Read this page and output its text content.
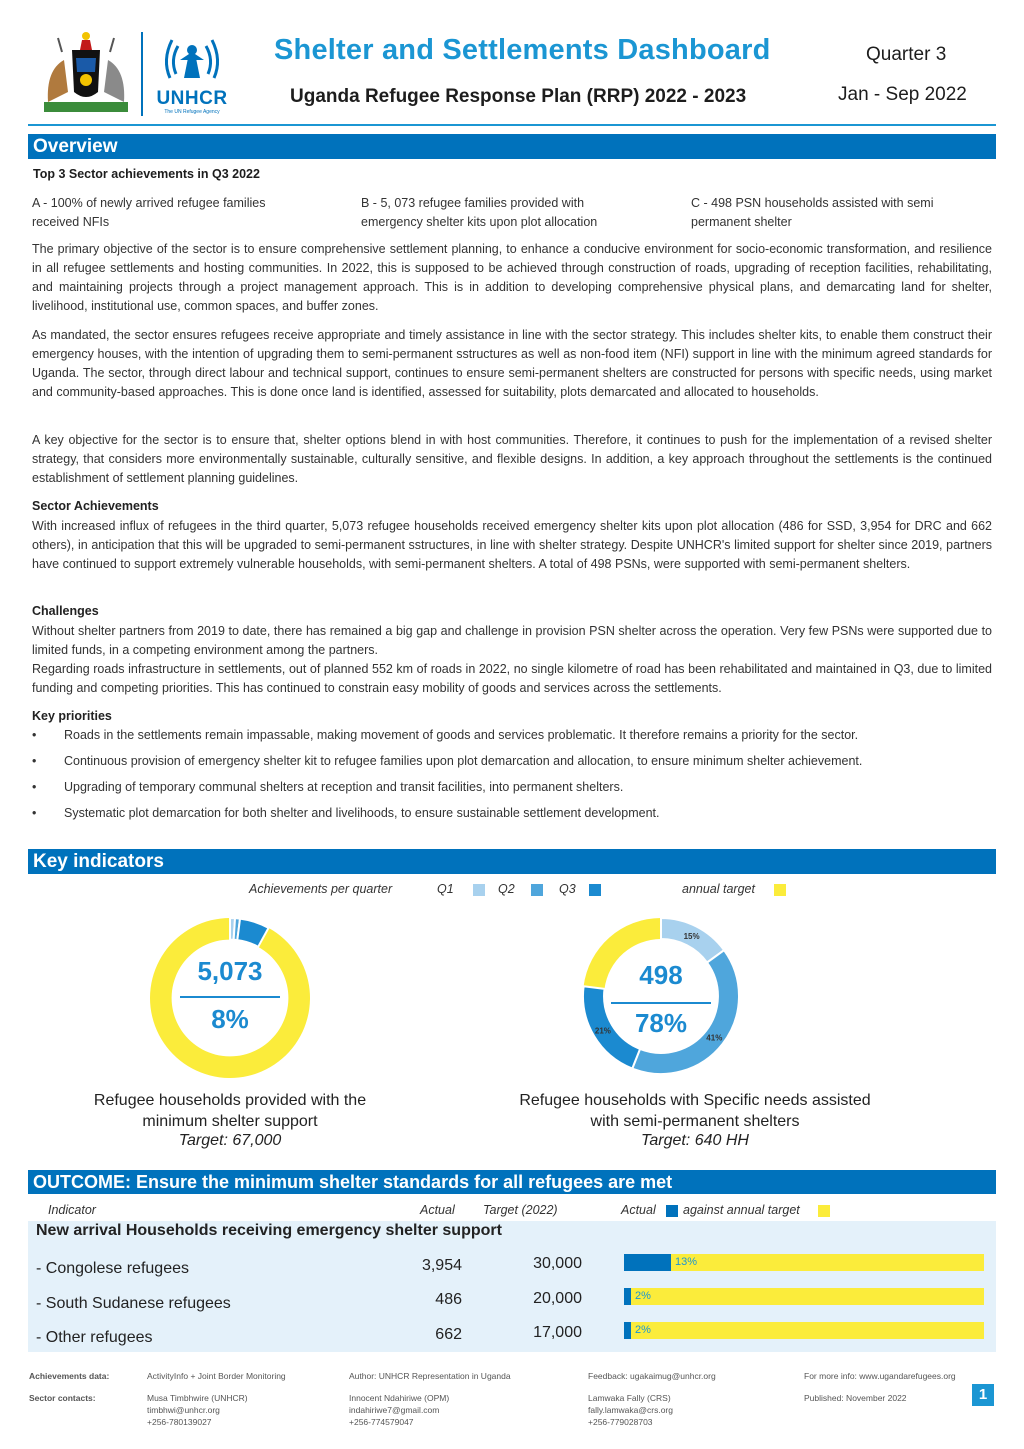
UNHCR
The UN Refugee Agency
Shelter and Settlements Dashboard
Uganda Refugee Response Plan (RRP) 2022 - 2023
Quarter 3
Jan - Sep 2022
Overview
Top 3 Sector achievements in Q3 2022
A - 100% of newly arrived refugee families
received NFIs
B - 5, 073 refugee families provided with
emergency shelter kits upon plot allocation
C - 498 PSN households assisted with semi
permanent shelter
The primary objective of the sector is to ensure comprehensive settlement planning, to enhance a conducive environment for socio-economic transformation, and resilience in all refugee settlements and hosting communities. In 2022, this is supposed to be achieved through construction of roads, upgrading of reception facilities, rehabilitating, and maintaining projects through a project management approach. This is in addition to developing comprehensive physical plans, and demarcating land for shelter, livelihood, institutional use, common spaces, and buffer zones.
As mandated, the sector ensures refugees receive appropriate and timely assistance in line with the sector strategy. This includes shelter kits, to enable them construct their emergency houses, with the intention of upgrading them to semi-permanent sstructures as well as non-food item (NFI) support in line with the minimum agreed standards for Uganda. The sector, through direct labour and technical support, continues to ensure semi-permanent shelters are constructed for persons with specific needs, using market and community-based approaches. This is done once land is identified, assessed for suitability, plots demarcated and allocated to households.
A key objective for the sector is to ensure that, shelter options blend in with host communities. Therefore, it continues to push for the implementation of a revised shelter strategy, that considers more environmentally sustainable, culturally sensitive, and flexible designs. In addition, a key approach throughout the settlements is the continued establishment of settlement planning guidelines.
Sector Achievements
With increased influx of refugees in the third quarter, 5,073 refugee households received emergency shelter kits upon plot allocation (486 for SSD, 3,954 for DRC and 662 others), in anticipation that this will be upgraded to semi-permanent sstructures, in line with shelter strategy. Despite UNHCR's limited support for shelter since 2019, partners have continued to support extremely vulnerable households, with semi-permanent shelters. A total of 498 PSNs, were supported with semi-permanent shelters.
Challenges
Without shelter partners from 2019 to date, there has remained a big gap and challenge in provision PSN shelter across the operation. Very few PSNs were supported due to limited funds, in a competing environment among the partners.
Regarding roads infrastructure in settlements, out of planned 552 km of roads in 2022, no single kilometre of road has been rehabilitated and maintained in Q3, due to limited funding and competing priorities. This has continued to constrain easy mobility of goods and services across the settlements.
Key priorities
• Roads in the settlements remain impassable, making movement of goods and services problematic. It therefore remains a priority for the sector.
• Continuous provision of emergency shelter kit to refugee families upon plot demarcation and allocation, to ensure minimum shelter achievement.
• Upgrading of temporary communal shelters at reception and transit facilities, into permanent shelters.
• Systematic plot demarcation for both shelter and livelihoods, to ensure sustainable settlement development.
Key indicators
Achievements per quarter	Q1	Q2	Q3	annual target
5,073
8%
Refugee households provided with the
minimum shelter support
Target: 67,000
15%
41%
21%
498
78%
Refugee households with Specific needs assisted
with semi-permanent shelters
Target: 640 HH
OUTCOME: Ensure the minimum shelter standards for all refugees are met
Indicator	Actual Target (2022)	Actual against annual target
New arrival Households receiving emergency shelter support
- Congolese refugees	3,954	30,000	13%
- South Sudanese refugees	486	20,000	2%
- Other refugees	662	17,000	2%
Achievements data:	ActivityInfo + Joint Border Monitoring	Author: UNHCR Representation in Uganda	Feedback: ugakaimug@unhcr.org	For more info: www.ugandarefugees.org
Sector contacts:	Musa Timbhwire (UNHCR)
timbhwi@unhcr.org
+256-780139027
Innocent Ndahiriwe (OPM)
indahiriwe7@gmail.com
+256-774579047
Lamwaka Fally (CRS)
fally.lamwaka@crs.org
+256-779028703
Published: November 2022	1
